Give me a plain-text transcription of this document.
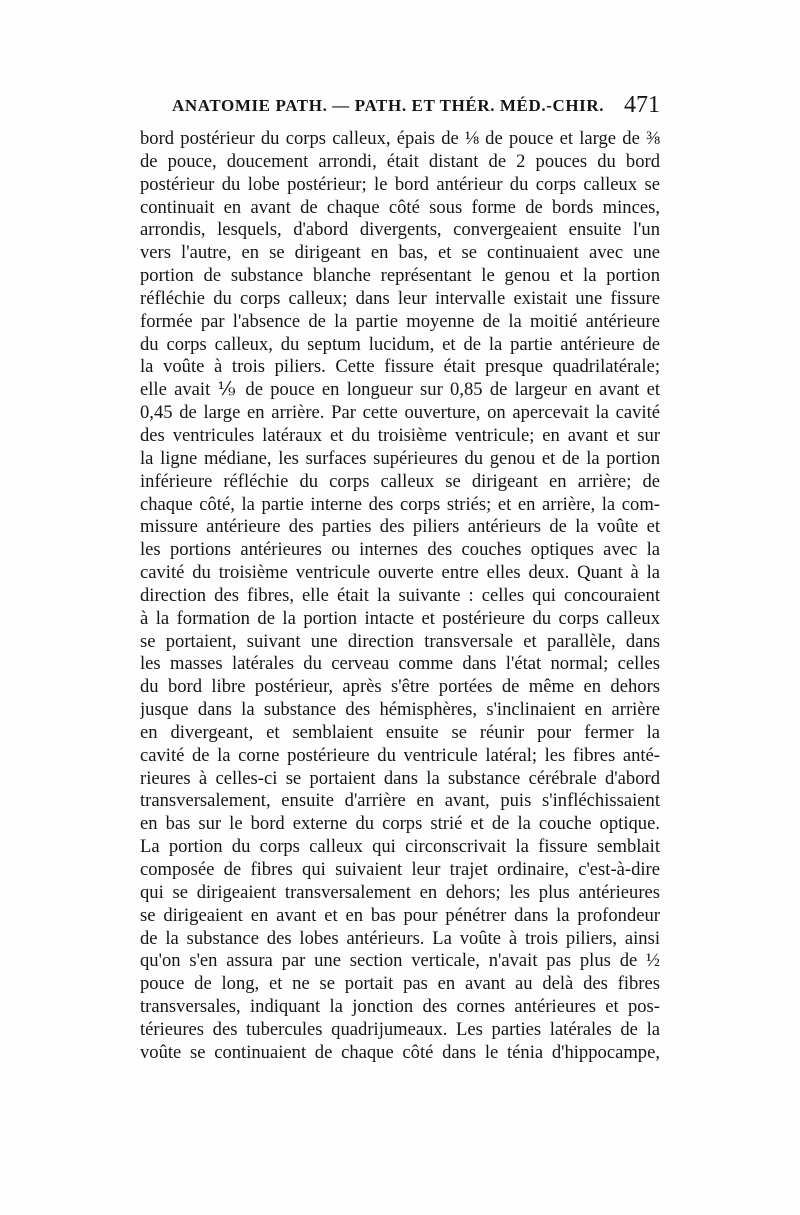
ANATOMIE PATH. — PATH. ET THÉR. MÉD.-CHIR. 471
bord postérieur du corps calleux, épais de ⅛ de pouce et large de ⅜
de pouce, doucement arrondi, était distant de 2 pouces du bord
postérieur du lobe postérieur; le bord antérieur du corps calleux se
continuait en avant de chaque côté sous forme de bords minces,
arrondis, lesquels, d'abord divergents, convergeaient ensuite l'un
vers l'autre, en se dirigeant en bas, et se continuaient avec une
portion de substance blanche représentant le genou et la portion
réfléchie du corps calleux; dans leur intervalle existait une fissure
formée par l'absence de la partie moyenne de la moitié antérieure
du corps calleux, du septum lucidum, et de la partie antérieure de
la voûte à trois piliers. Cette fissure était presque quadrilatérale;
elle avait ⅑ de pouce en longueur sur 0,85 de largeur en avant et
0,45 de large en arrière. Par cette ouverture, on apercevait la cavité
des ventricules latéraux et du troisième ventricule; en avant et sur
la ligne médiane, les surfaces supérieures du genou et de la portion
inférieure réfléchie du corps calleux se dirigeant en arrière; de
chaque côté, la partie interne des corps striés; et en arrière, la com-
missure antérieure des parties des piliers antérieurs de la voûte et
les portions antérieures ou internes des couches optiques avec la
cavité du troisième ventricule ouverte entre elles deux. Quant à la
direction des fibres, elle était la suivante : celles qui concouraient
à la formation de la portion intacte et postérieure du corps calleux
se portaient, suivant une direction transversale et parallèle, dans
les masses latérales du cerveau comme dans l'état normal; celles
du bord libre postérieur, après s'être portées de même en dehors
jusque dans la substance des hémisphères, s'inclinaient en arrière
en divergeant, et semblaient ensuite se réunir pour fermer la
cavité de la corne postérieure du ventricule latéral; les fibres anté-
rieures à celles-ci se portaient dans la substance cérébrale d'abord
transversalement, ensuite d'arrière en avant, puis s'infléchissaient
en bas sur le bord externe du corps strié et de la couche optique.
La portion du corps calleux qui circonscrivait la fissure semblait
composée de fibres qui suivaient leur trajet ordinaire, c'est-à-dire
qui se dirigeaient transversalement en dehors; les plus antérieures
se dirigeaient en avant et en bas pour pénétrer dans la profondeur
de la substance des lobes antérieurs. La voûte à trois piliers, ainsi
qu'on s'en assura par une section verticale, n'avait pas plus de ½
pouce de long, et ne se portait pas en avant au delà des fibres
transversales, indiquant la jonction des cornes antérieures et pos-
térieures des tubercules quadrijumeaux. Les parties latérales de la
voûte se continuaient de chaque côté dans le ténia d'hippocampe,
